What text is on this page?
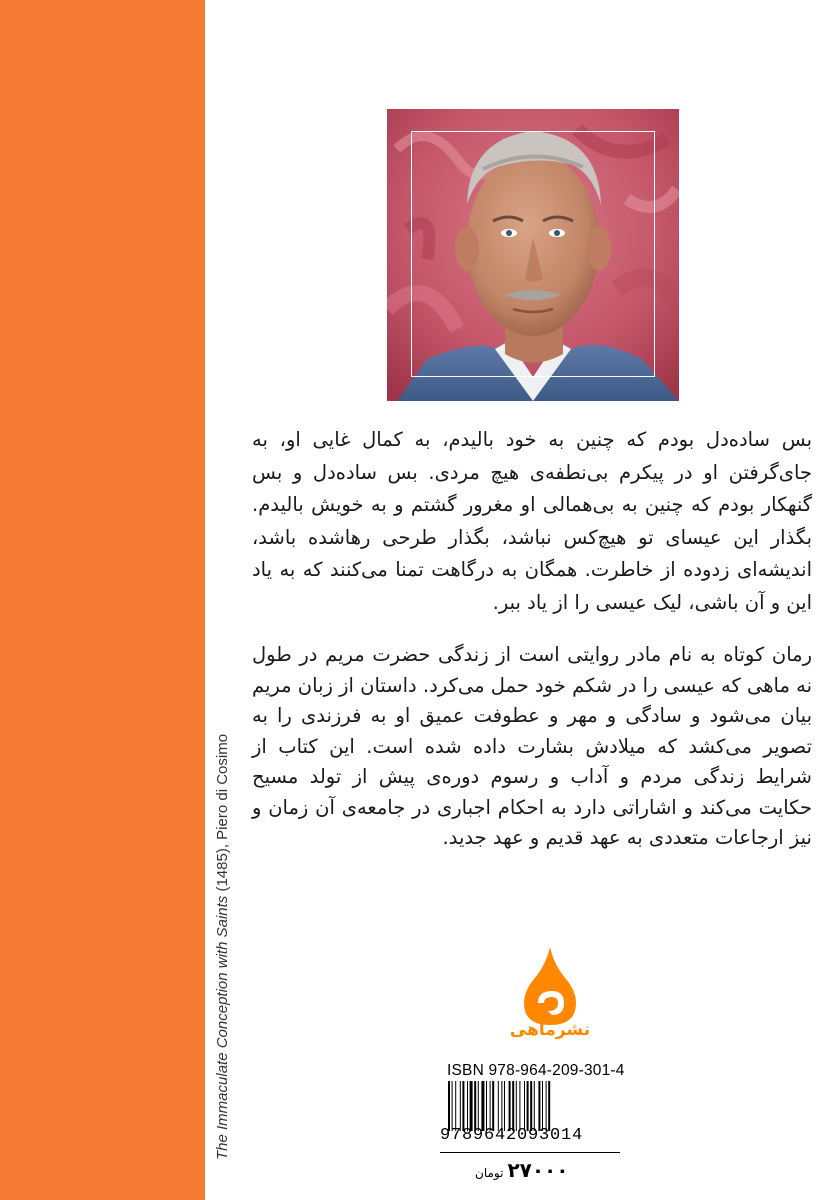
The Immaculate Conception with Saints (1485), Piero di Cosimo

بس ساده‌دل بودم که چنین به خود بالیدم، به کمال غایی او، به جای‌گرفتن او در پیکرم بی‌نطفه‌ی هیچ مردی. بس ساده‌دل و بس گنهکار بودم که چنین به بی‌همالی او مغرور گشتم و به خویش بالیدم. بگذار این عیسای تو هیچ‌کس نباشد، بگذار طرحی رهاشده باشد، اندیشه‌ای زدوده از خاطرت. همگان به درگاهت تمنا می‌کنند که به یاد این و آن باشی، لیک عیسی را از یاد ببر.

رمان کوتاه به نام مادر روایتی است از زندگی حضرت مریم در طول نه ماهی که عیسی را در شکم خود حمل می‌کرد. داستان از زبان مریم بیان می‌شود و سادگی و مهر و عطوفت عمیق او به فرزندی را به تصویر می‌کشد که میلادش بشارت داده شده است. این کتاب از شرایط زندگی مردم و آداب و رسوم دوره‌ی پیش از تولد مسیح حکایت می‌کند و اشاراتی دارد به احکام اجباری در جامعه‌ی آن زمان و نیز ارجاعات متعددی به عهد قدیم و عهد جدید.

نشرماهی
ISBN 978-964-209-301-4
9789642093014
۲۷۰۰۰تومان
